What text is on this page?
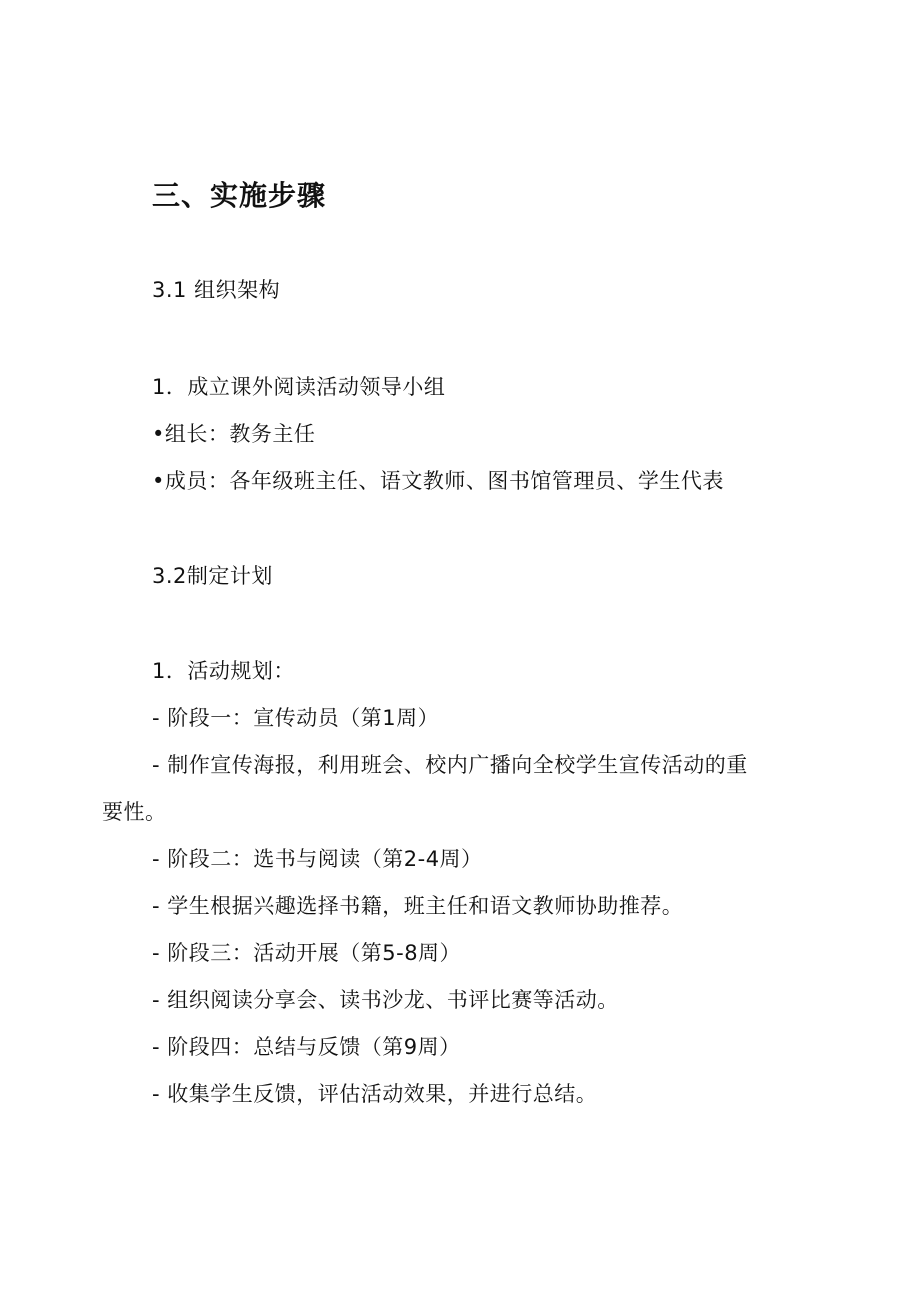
三、实施步骤
3.1 组织架构
1．成立课外阅读活动领导小组
•组长：教务主任
•成员：各年级班主任、语文教师、图书馆管理员、学生代表
3.2制定计划
1．活动规划：
- 阶段一：宣传动员（第1周）
- 制作宣传海报，利用班会、校内广播向全校学生宣传活动的重
要性。
- 阶段二：选书与阅读（第2-4周）
- 学生根据兴趣选择书籍，班主任和语文教师协助推荐。
- 阶段三：活动开展（第5-8周）
- 组织阅读分享会、读书沙龙、书评比赛等活动。
- 阶段四：总结与反馈（第9周）
- 收集学生反馈，评估活动效果，并进行总结。
